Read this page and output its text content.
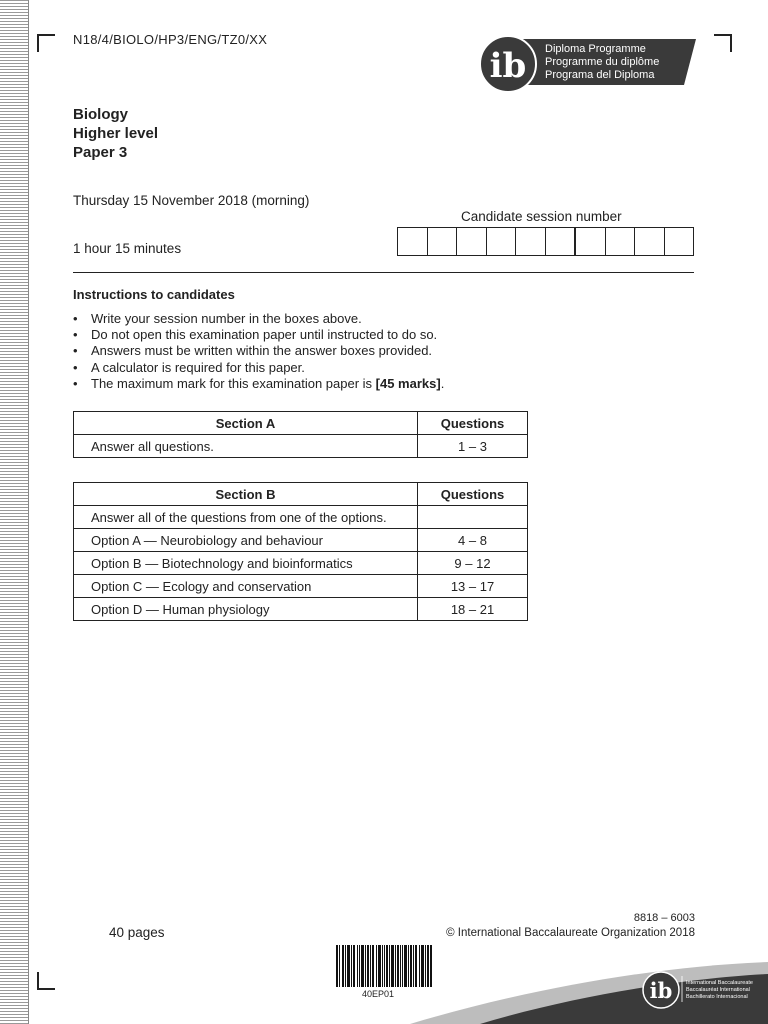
N18/4/BIOLO/HP3/ENG/TZ0/XX
ib Diploma Programme
Programme du diplôme
Programa del Diploma
Biology
Higher level
Paper 3
Thursday 15 November 2018 (morning)
Candidate session number
1 hour 15 minutes
Instructions to candidates
• Write your session number in the boxes above.
• Do not open this examination paper until instructed to do so.
• Answers must be written within the answer boxes provided.
• A calculator is required for this paper.
• The maximum mark for this examination paper is [45 marks].
Section A	Questions
Answer all questions.	1 – 3
Section B	Questions
Answer all of the questions from one of the options.	
Option A — Neurobiology and behaviour	4 – 8
Option B — Biotechnology and bioinformatics	9 – 12
Option C — Ecology and conservation	13 – 17
Option D — Human physiology	18 – 21
40 pages
8818 – 6003
© International Baccalaureate Organization 2018
40EP01	ib International Baccalaureate
Baccalauréat International
Bachillerato Internacional
